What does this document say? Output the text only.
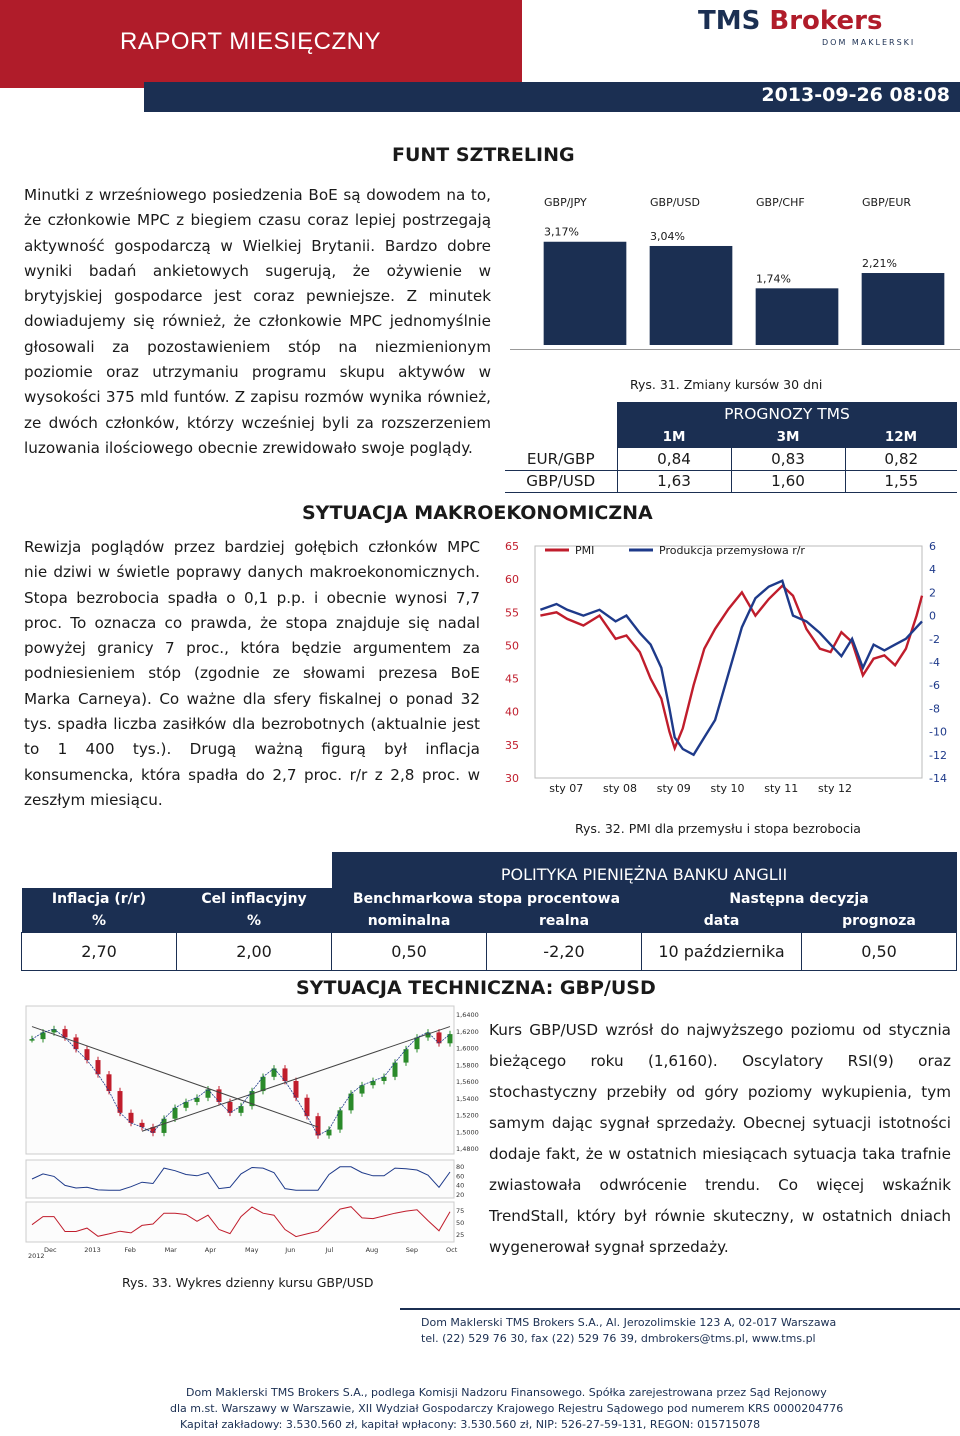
RAPORT MIESIĘCZNY
2013-09-26 08:08
TMS Brokers
DOM MAKLERSKI
FUNT SZTRELING
Minutki z wrześniowego posiedzenia BoE są dowodem na to, że członkowie MPC z biegiem czasu coraz lepiej postrzegają aktywność gospodarczą w Wielkiej Brytanii. Bardzo dobre wyniki badań ankietowych sugerują, że ożywienie w brytyjskiej gospodarce jest coraz pewniejsze. Z minutek dowiadujemy się również, że członkowie MPC jednomyślnie głosowali za pozostawieniem stóp na niezmienionym poziomie oraz utrzymaniu programu skupu aktywów w wysokości 375 mld funtów. Z zapisu rozmów wynika również, ze dwóch członków, którzy wcześniej byli za rozszerzeniem luzowania ilościowego obecnie zrewidowało swoje poglądy.
GBP/JPY
3,17%
GBP/USD
3,04%
GBP/CHF
1,74%
GBP/EUR
2,21%
Rys. 31. Zmiany kursów 30 dni
	PROGNOZY TMS		
	1M	3M	12M
EUR/GBP	0,84	0,83	0,82
GBP/USD	1,63	1,60	1,55
SYTUACJA MAKROEKONOMICZNA
Rewizja poglądów przez bardziej gołębich członków MPC nie dziwi w świetle poprawy danych makroekonomicznych. Stopa bezrobocia spadła o 0,1 p.p. i obecnie wynosi 7,7 proc. To oznacza co prawda, że stopa znajduje się nadal powyżej granicy 7 proc., która będzie argumentem za podniesieniem stóp (zgodnie ze słowami prezesa BoE Marka Carneya). Co ważne dla sfery fiskalnej o ponad 32 tys. spadła liczba zasiłków dla bezrobotnych (aktualnie jest to 1 400 tys.). Drugą ważną figurą był inflacja konsumencka, która spadła do 2,7 proc. r/r z 2,8 proc. w zeszłym miesiącu.
65
60
55
50
45
40
35
30
6
4
2
0
-2
-4
-6
-8
-10
-12
-14
sty 07 sty 08 sty 09 sty 10 sty 11 sty 12
PMI	Produkcja przemysłowa r/r
Rys. 32. PMI dla przemysłu i stopa bezrobocia
		POLITYKA PIENIĘŻNA BANKU ANGLII			
Inflacja (r/r)	Cel inflacyjny	Benchmarkowa stopa procentowa		Następna decyzja	
%	%	nominalna	realna	data	prognoza
2,70	2,00	0,50	-2,20	10 października	0,50
SYTUACJA TECHNICZNA: GBP/USD
1,6400
1,6200
1,6000
1,5800
1,5600
1,5400
1,5200
1,5000
1,4800
80
60
40
20
75
50
25
Dec	2013	Feb	Mar	Apr	May	Jun	Jul	Aug	Sep	Oct
2012
Kurs GBP/USD wzrósł do najwyższego poziomu od stycznia bieżącego roku (1,6160). Oscylatory RSI(9) oraz stochastyczny przebiły od góry poziomy wykupienia, tym samym dając sygnał sprzedaży. Obecnej sytuacji istotności dodaje fakt, że w ostatnich miesiącach sytuacja taka trafnie zwiastowała odwrócenie trendu. Co więcej wskaźnik TrendStall, który był równie skuteczny, w ostatnich dniach wygenerował sygnał sprzedaży.
Rys. 33. Wykres dzienny kursu GBP/USD
Dom Maklerski TMS Brokers S.A., Al. Jerozolimskie 123 A, 02-017 Warszawa
tel. (22) 529 76 30, fax (22) 529 76 39, dmbrokers@tms.pl, www.tms.pl
Dom Maklerski TMS Brokers S.A., podlega Komisji Nadzoru Finansowego. Spółka zarejestrowana przez Sąd Rejonowy
dla m.st. Warszawy w Warszawie, XII Wydział Gospodarczy Krajowego Rejestru Sądowego pod numerem KRS 0000204776
Kapitał zakładowy: 3.530.560 zł, kapitał wpłacony: 3.530.560 zł, NIP: 526-27-59-131, REGON: 015715078
